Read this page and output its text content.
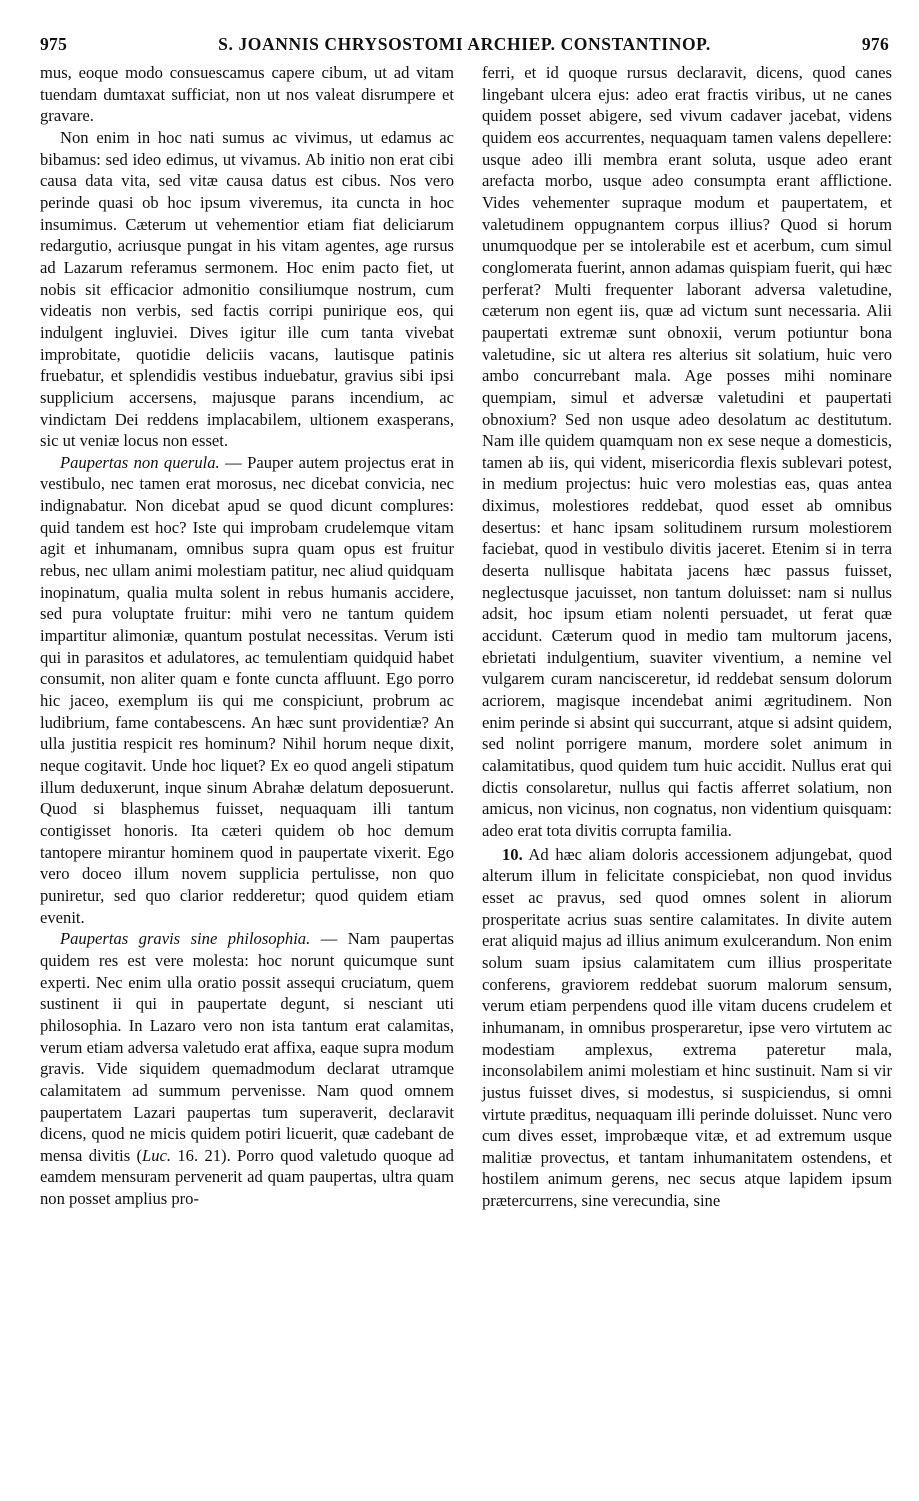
975	S. JOANNIS CHRYSOSTOMI ARCHIEP. CONSTANTINOP.	976

mus, eoque modo consuescamus capere cibum, ut ad vitam tuendam dumtaxat sufficiat, non ut nos valeat disrumpere et gravare.

Non enim in hoc nati sumus ac vivimus, ut edamus ac bibamus: sed ideo edimus, ut vivamus. Ab initio non erat cibi causa data vita, sed vitæ causa datus est cibus. Nos vero perinde quasi ob hoc ipsum viveremus, ita cuncta in hoc insumimus. Cæterum ut vehementior etiam fiat deliciarum redargutio, acriusque pungat in his vitam agentes, age rursus ad Lazarum referamus sermonem. Hoc enim pacto fiet, ut nobis sit efficacior admonitio consiliumque nostrum, cum videatis non verbis, sed factis corripi punirique eos, qui indulgent ingluviei. Dives igitur ille cum tanta vivebat improbitate, quotidie deliciis vacans, lautisque patinis fruebatur, et splendidis vestibus induebatur, gravius sibi ipsi supplicium accersens, majusque parans incendium, ac vindictam Dei reddens implacabilem, ultionem exasperans, sic ut veniæ locus non esset.

Paupertas non querula. — Pauper autem projectus erat in vestibulo, nec tamen erat morosus, nec dicebat convicia, nec indignabatur. Non dicebat apud se quod dicunt complures: quid tandem est hoc? Iste qui improbam crudelemque vitam agit et inhumanam, omnibus supra quam opus est fruitur rebus, nec ullam animi molestiam patitur, nec aliud quidquam inopinatum, qualia multa solent in rebus humanis accidere, sed pura voluptate fruitur: mihi vero ne tantum quidem impartitur alimoniæ, quantum postulat necessitas. Verum isti qui in parasitos et adulatores, ac temulentiam quidquid habet consumit, non aliter quam e fonte cuncta affluunt. Ego porro hic jaceo, exemplum iis qui me conspiciunt, probrum ac ludibrium, fame contabescens. An hæc sunt providentiæ? An ulla justitia respicit res hominum? Nihil horum neque dixit, neque cogitavit. Unde hoc liquet? Ex eo quod angeli stipatum illum deduxerunt, inque sinum Abrahæ delatum deposuerunt. Quod si blasphemus fuisset, nequaquam illi tantum contigisset honoris. Ita cæteri quidem ob hoc demum tantopere mirantur hominem quod in paupertate vixerit. Ego vero doceo illum novem supplicia pertulisse, non quo puniretur, sed quo clarior redderetur; quod quidem etiam evenit.

Paupertas gravis sine philosophia. — Nam paupertas quidem res est vere molesta: hoc norunt quicumque sunt experti. Nec enim ulla oratio possit assequi cruciatum, quem sustinent ii qui in paupertate degunt, si nesciant uti philosophia. In Lazaro vero non ista tantum erat calamitas, verum etiam adversa valetudo erat affixa, eaque supra modum gravis. Vide siquidem quemadmodum declarat utramque calamitatem ad summum pervenisse. Nam quod omnem paupertatem Lazari paupertas tum superaverit, declaravit dicens, quod ne micis quidem potiri licuerit, quæ cadebant de mensa divitis (Luc. 16. 21). Porro quod valetudo quoque ad eamdem mensuram pervenerit ad quam paupertas, ultra quam non posset amplius pro-

ferri, et id quoque rursus declaravit, dicens, quod canes lingebant ulcera ejus: adeo erat fractis viribus, ut ne canes quidem posset abigere, sed vivum cadaver jacebat, videns quidem eos accurrentes, nequaquam tamen valens depellere: usque adeo illi membra erant soluta, usque adeo erant arefacta morbo, usque adeo consumpta erant afflictione. Vides vehementer supraque modum et paupertatem, et valetudinem oppugnantem corpus illius? Quod si horum unumquodque per se intolerabile est et acerbum, cum simul conglomerata fuerint, annon adamas quispiam fuerit, qui hæc perferat? Multi frequenter laborant adversa valetudine, cæterum non egent iis, quæ ad victum sunt necessaria. Alii paupertati extremæ sunt obnoxii, verum potiuntur bona valetudine, sic ut altera res alterius sit solatium, huic vero ambo concurrebant mala. Age posses mihi nominare quempiam, simul et adversæ valetudini et paupertati obnoxium? Sed non usque adeo desolatum ac destitutum. Nam ille quidem quamquam non ex sese neque a domesticis, tamen ab iis, qui vident, misericordia flexis sublevari potest, in medium projectus: huic vero molestias eas, quas antea diximus, molestiores reddebat, quod esset ab omnibus desertus: et hanc ipsam solitudinem rursum molestiorem faciebat, quod in vestibulo divitis jaceret. Etenim si in terra deserta nullisque habitata jacens hæc passus fuisset, neglectusque jacuisset, non tantum doluisset: nam si nullus adsit, hoc ipsum etiam nolenti persuadet, ut ferat quæ accidunt. Cæterum quod in medio tam multorum jacens, ebrietati indulgentium, suaviter viventium, a nemine vel vulgarem curam nancisceretur, id reddebat sensum dolorum acriorem, magisque incendebat animi ægritudinem. Non enim perinde si absint qui succurrant, atque si adsint quidem, sed nolint porrigere manum, mordere solet animum in calamitatibus, quod quidem tum huic accidit. Nullus erat qui dictis consolaretur, nullus qui factis afferret solatium, non amicus, non vicinus, non cognatus, non videntium quisquam: adeo erat tota divitis corrupta familia.

10. Ad hæc aliam doloris accessionem adjungebat, quod alterum illum in felicitate conspiciebat, non quod invidus esset ac pravus, sed quod omnes solent in aliorum prosperitate acrius suas sentire calamitates. In divite autem erat aliquid majus ad illius animum exulcerandum. Non enim solum suam ipsius calamitatem cum illius prosperitate conferens, graviorem reddebat suorum malorum sensum, verum etiam perpendens quod ille vitam ducens crudelem et inhumanam, in omnibus prosperaretur, ipse vero virtutem ac modestiam amplexus, extrema pateretur mala, inconsolabilem animi molestiam et hinc sustinuit. Nam si vir justus fuisset dives, si modestus, si suspiciendus, si omni virtute præditus, nequaquam illi perinde doluisset. Nunc vero cum dives esset, improbæque vitæ, et ad extremum usque malitiæ provectus, et tantam inhumanitatem ostendens, et hostilem animum gerens, nec secus atque lapidem ipsum prætercurrens, sine verecundia, sine
